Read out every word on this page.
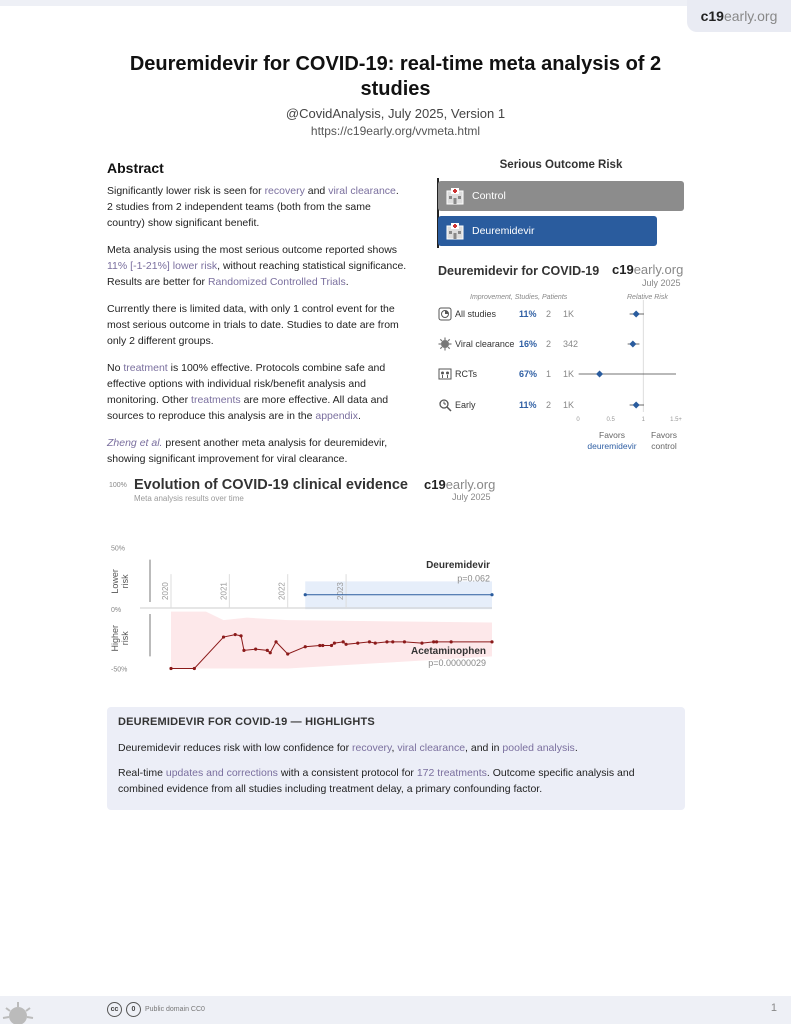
c19 early.org
Deuremidevir for COVID-19: real-time meta analysis of 2 studies
@CovidAnalysis, July 2025, Version 1
https://c19early.org/vvmeta.html
Abstract

Significantly lower risk is seen for recovery and viral clearance. 2 studies from 2 independent teams (both from the same country) show significant benefit.

Meta analysis using the most serious outcome reported shows 11% [-1-21%] lower risk, without reaching statistical significance. Results are better for Randomized Controlled Trials.

Currently there is limited data, with only 1 control event for the most serious outcome in trials to date. Studies to date are from only 2 different groups.

No treatment is 100% effective. Protocols combine safe and effective options with individual risk/benefit analysis and monitoring. Other treatments are more effective. All data and sources to reproduce this analysis are in the appendix.

Zheng et al. present another meta analysis for deuremidevir, showing significant improvement for viral clearance.

Serious Outcome Risk
Control
Deuremidevir
Deuremidevir for COVID-19 c19early.org
July 2025
Improvement, Studies, Patients	Relative Risk
All studies	11% 2 1K
Viral clearance 16% 2 342
RCTs	67% 1 1K
Early	11% 2 1K
0	0.5	1	1.5+
Favors
deuremidevir
Favors
control
100% Evolution of COVID-19 clinical evidence
Meta analysis results over time
c19early.org
July 2025
50%
0%
-50%
Lower risk
Higher risk
2020	2021	2022	2023
Deuremidevir
p=0.062
Acetaminophen
p=0.00000029
DEUREMIDEVIR FOR COVID-19 — HIGHLIGHTS
Deuremidevir reduces risk with low confidence for recovery, viral clearance, and in pooled analysis.
Real-time updates and corrections with a consistent protocol for 172 treatments. Outcome specific analysis and combined evidence from all studies including treatment delay, a primary confounding factor.
cc	0	Public domain CC0	1
